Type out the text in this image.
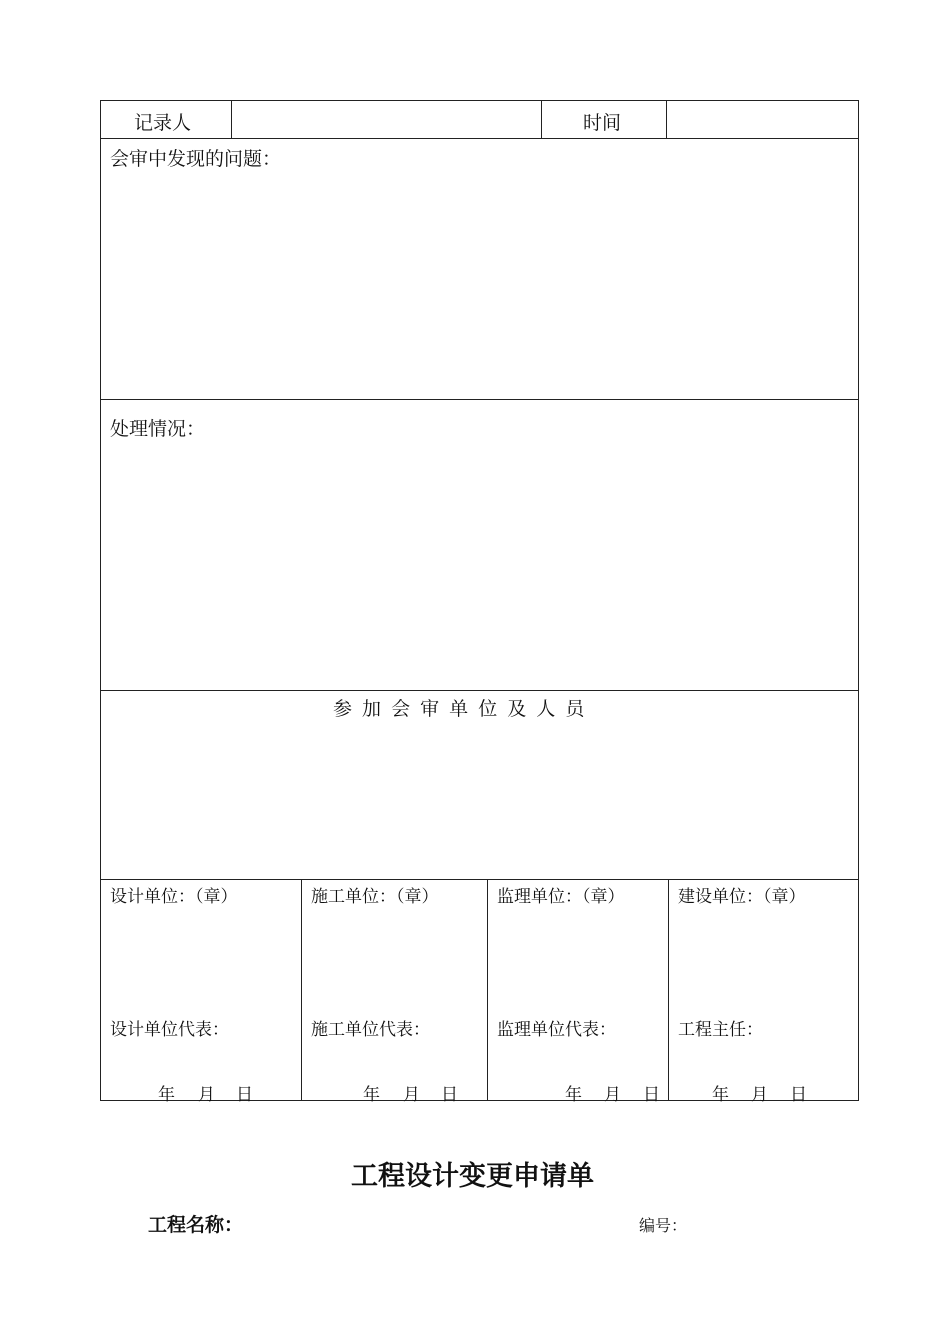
记录人	时间
会审中发现的问题：
处理情况：
参 加 会 审 单 位 及 人 员
设计单位：（章）	施工单位：（章）	监理单位：（章）	建设单位：（章）
设计单位代表：	施工单位代表：	监理单位代表：	工程主任：
年 月 日	年 月 日	年 月 日	年 月 日
工程设计变更申请单
工程名称：	编号：
